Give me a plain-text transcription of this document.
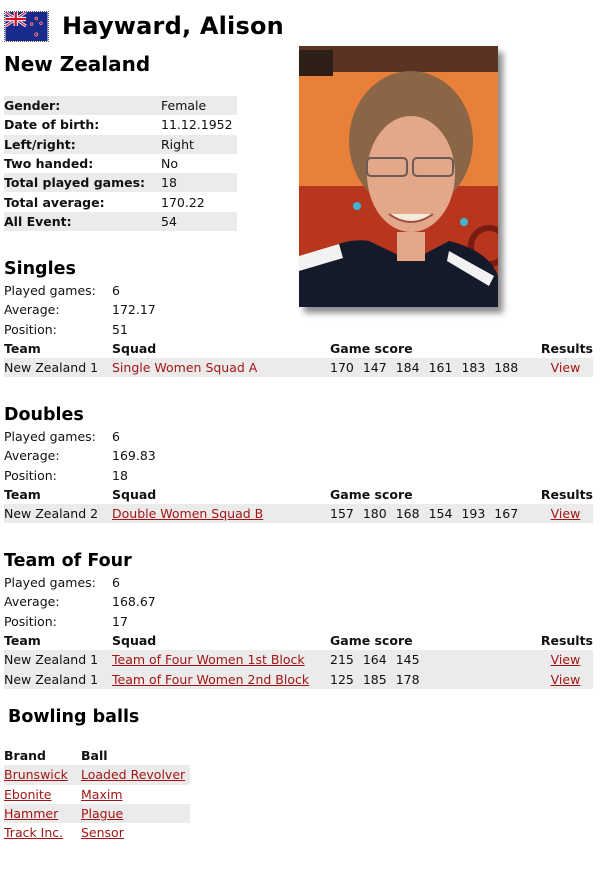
Hayward, Alison
New Zealand
Gender:	Female
Date of birth:	11.12.1952
Left/right:	Right
Two handed:	No
Total played games:	18
Total average:	170.22
All Event:	54
Singles
Played games:	6
Average:	172.17
Position:	51
Team	Squad	Game score	Results
New Zealand 1	Single Women Squad A	170 147 184 161 183 188	View
Doubles
Played games:	6
Average:	169.83
Position:	18
Team	Squad	Game score	Results
New Zealand 2	Double Women Squad B	157 180 168 154 193 167	View
Team of Four
Played games:	6
Average:	168.67
Position:	17
Team	Squad	Game score	Results
New Zealand 1	Team of Four Women 1st Block	215 164 145	View
New Zealand 1	Team of Four Women 2nd Block	125 185 178	View
Bowling balls
Brand	Ball
Brunswick	Loaded Revolver
Ebonite	Maxim
Hammer	Plague
Track Inc.	Sensor
